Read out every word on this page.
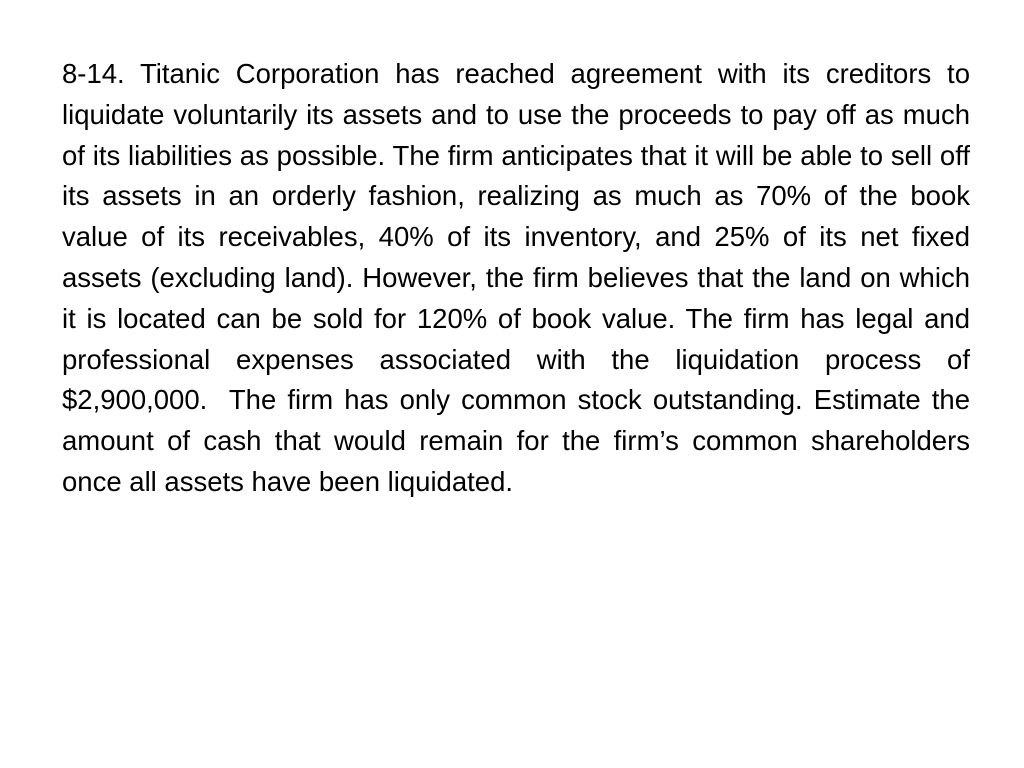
8-14. Titanic Corporation has reached agreement with its creditors to liquidate voluntarily its assets and to use the proceeds to pay off as much of its liabilities as possible. The firm anticipates that it will be able to sell off its assets in an orderly fashion, realizing as much as 70% of the book value of its receivables, 40% of its inventory, and 25% of its net fixed assets (excluding land). However, the firm believes that the land on which it is located can be sold for 120% of book value. The firm has legal and professional expenses associated with the liquidation process of $2,900,000.  The firm has only common stock outstanding. Estimate the amount of cash that would remain for the firm’s common shareholders once all assets have been liquidated.
